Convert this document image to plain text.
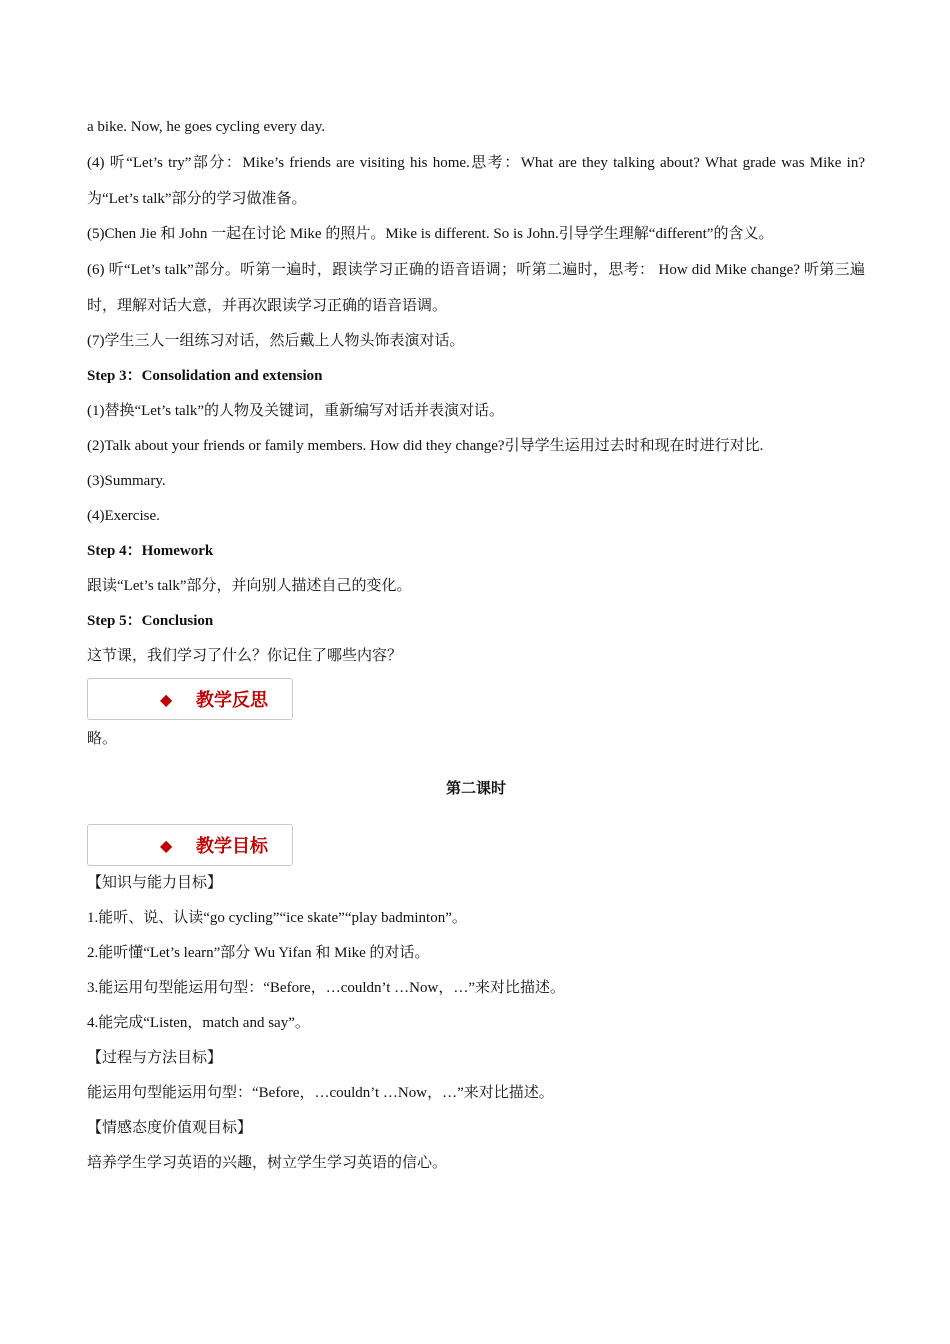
a bike. Now, he goes cycling every day.

(4) 听“Let’s try”部分：Mike’s friends are visiting his home.思考：What are they talking about? What grade was Mike in? 为“Let’s talk”部分的学习做准备。

(5)Chen Jie 和 John 一起在讨论 Mike 的照片。Mike is different. So is John.引导学生理解“different”的含义。

(6) 听“Let’s talk”部分。听第一遍时，跟读学习正确的语音语调；听第二遍时，思考： How did Mike change? 听第三遍时，理解对话大意，并再次跟读学习正确的语音语调。

(7)学生三人一组练习对话，然后戴上人物头饰表演对话。

Step 3：Consolidation and extension

(1)替换“Let’s talk”的人物及关键词，重新编写对话并表演对话。

(2)Talk about your friends or family members. How did they change?引导学生运用过去时和现在时进行对比.

(3)Summary.

(4)Exercise.

Step 4：Homework

跟读“Let’s talk”部分，并向别人描述自己的变化。

Step 5：Conclusion

这节课，我们学习了什么？你记住了哪些内容？

◆ 教学反思

略。

第二课时

◆ 教学目标

【知识与能力目标】

1.能听、说、认读“go cycling”“ice skate”“play badminton”。

2.能听懂“Let’s learn”部分 Wu Yifan 和 Mike 的对话。

3.能运用句型能运用句型：“Before，…couldn’t …Now，…”来对比描述。

4.能完成“Listen，match and say”。

【过程与方法目标】

能运用句型能运用句型：“Before，…couldn’t …Now，…”来对比描述。

【情感态度价值观目标】

培养学生学习英语的兴趣，树立学生学习英语的信心。
